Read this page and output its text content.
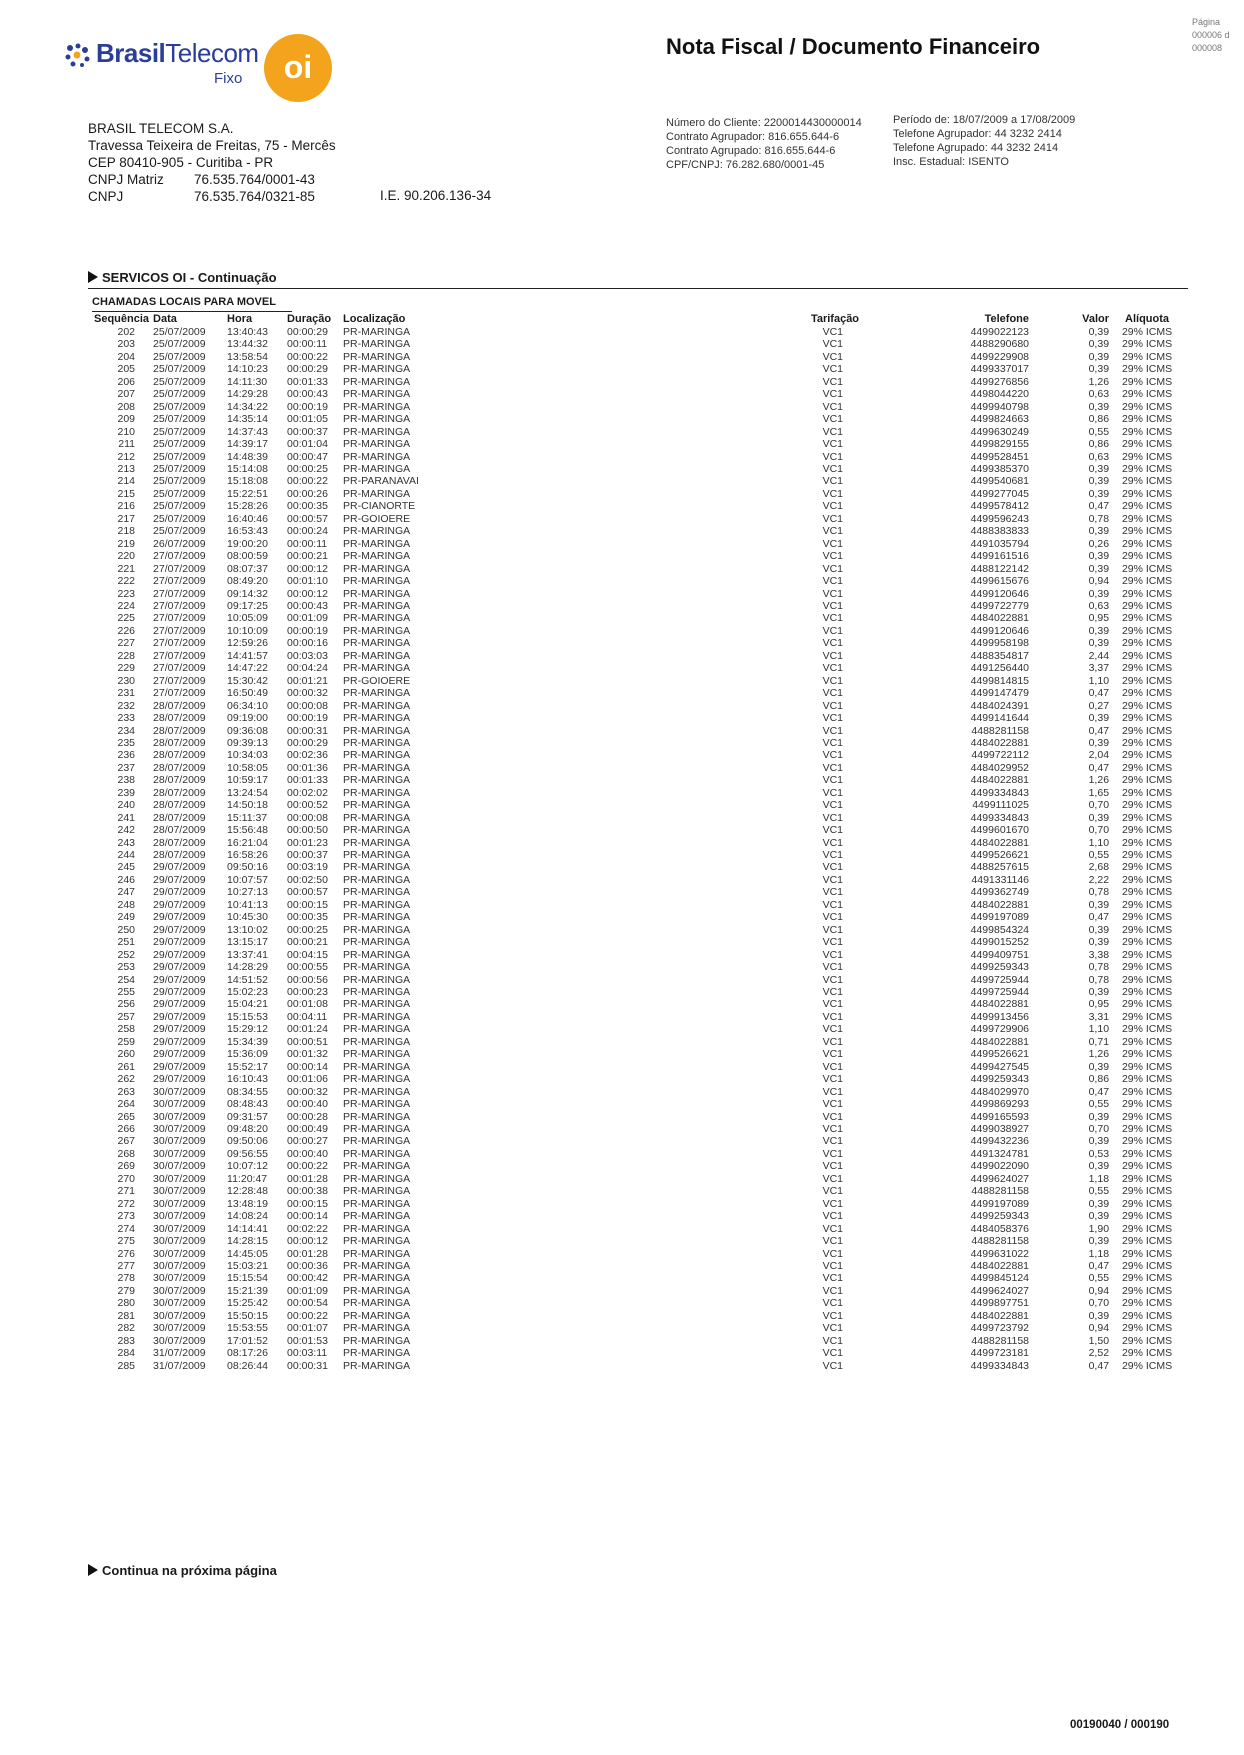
BrasilTelecom
Fixo	oi
Nota Fiscal / Documento Financeiro
Página
000006 d
000008
BRASIL TELECOM S.A.
Travessa Teixeira de Freitas, 75 - Mercês
CEP 80410-905 - Curitiba - PR
CNPJ Matriz 76.535.764/0001-43
CNPJ	76.535.764/0321-85	I.E. 90.206.136-34
Número do Cliente: 2200014430000014
Contrato Agrupador: 816.655.644-6
Contrato Agrupado: 816.655.644-6
CPF/CNPJ: 76.282.680/0001-45
Período de: 18/07/2009 a 17/08/2009
Telefone Agrupador: 44 3232 2414
Telefone Agrupado: 44 3232 2414
Insc. Estadual: ISENTO
SERVICOS OI - Continuação
CHAMADAS LOCAIS PARA MOVEL
Sequência	Data	Hora	Duração	Localização	Tarifação	Telefone	Valor	Alíquota
202	25/07/2009	13:40:43	00:00:29	PR-MARINGA	VC1	4499022123	0,39	29% ICMS
203	25/07/2009	13:44:32	00:00:11	PR-MARINGA	VC1	4488290680	0,39	29% ICMS
204	25/07/2009	13:58:54	00:00:22	PR-MARINGA	VC1	4499229908	0,39	29% ICMS
205	25/07/2009	14:10:23	00:00:29	PR-MARINGA	VC1	4499337017	0,39	29% ICMS
206	25/07/2009	14:11:30	00:01:33	PR-MARINGA	VC1	4499276856	1,26	29% ICMS
207	25/07/2009	14:29:28	00:00:43	PR-MARINGA	VC1	4498044220	0,63	29% ICMS
208	25/07/2009	14:34:22	00:00:19	PR-MARINGA	VC1	4499940798	0,39	29% ICMS
209	25/07/2009	14:35:14	00:01:05	PR-MARINGA	VC1	4499824663	0,86	29% ICMS
210	25/07/2009	14:37:43	00:00:37	PR-MARINGA	VC1	4499630249	0,55	29% ICMS
211	25/07/2009	14:39:17	00:01:04	PR-MARINGA	VC1	4499829155	0,86	29% ICMS
212	25/07/2009	14:48:39	00:00:47	PR-MARINGA	VC1	4499528451	0,63	29% ICMS
213	25/07/2009	15:14:08	00:00:25	PR-MARINGA	VC1	4499385370	0,39	29% ICMS
214	25/07/2009	15:18:08	00:00:22	PR-PARANAVAI	VC1	4499540681	0,39	29% ICMS
215	25/07/2009	15:22:51	00:00:26	PR-MARINGA	VC1	4499277045	0,39	29% ICMS
216	25/07/2009	15:28:26	00:00:35	PR-CIANORTE	VC1	4499578412	0,47	29% ICMS
217	25/07/2009	16:40:46	00:00:57	PR-GOIOERE	VC1	4499596243	0,78	29% ICMS
218	25/07/2009	16:53:43	00:00:24	PR-MARINGA	VC1	4488383833	0,39	29% ICMS
219	26/07/2009	19:00:20	00:00:11	PR-MARINGA	VC1	4491035794	0,26	29% ICMS
220	27/07/2009	08:00:59	00:00:21	PR-MARINGA	VC1	4499161516	0,39	29% ICMS
221	27/07/2009	08:07:37	00:00:12	PR-MARINGA	VC1	4488122142	0,39	29% ICMS
222	27/07/2009	08:49:20	00:01:10	PR-MARINGA	VC1	4499615676	0,94	29% ICMS
223	27/07/2009	09:14:32	00:00:12	PR-MARINGA	VC1	4499120646	0,39	29% ICMS
224	27/07/2009	09:17:25	00:00:43	PR-MARINGA	VC1	4499722779	0,63	29% ICMS
225	27/07/2009	10:05:09	00:01:09	PR-MARINGA	VC1	4484022881	0,95	29% ICMS
226	27/07/2009	10:10:09	00:00:19	PR-MARINGA	VC1	4499120646	0,39	29% ICMS
227	27/07/2009	12:59:26	00:00:16	PR-MARINGA	VC1	4499958198	0,39	29% ICMS
228	27/07/2009	14:41:57	00:03:03	PR-MARINGA	VC1	4488354817	2,44	29% ICMS
229	27/07/2009	14:47:22	00:04:24	PR-MARINGA	VC1	4491256440	3,37	29% ICMS
230	27/07/2009	15:30:42	00:01:21	PR-GOIOERE	VC1	4499814815	1,10	29% ICMS
231	27/07/2009	16:50:49	00:00:32	PR-MARINGA	VC1	4499147479	0,47	29% ICMS
232	28/07/2009	06:34:10	00:00:08	PR-MARINGA	VC1	4484024391	0,27	29% ICMS
233	28/07/2009	09:19:00	00:00:19	PR-MARINGA	VC1	4499141644	0,39	29% ICMS
234	28/07/2009	09:36:08	00:00:31	PR-MARINGA	VC1	4488281158	0,47	29% ICMS
235	28/07/2009	09:39:13	00:00:29	PR-MARINGA	VC1	4484022881	0,39	29% ICMS
236	28/07/2009	10:34:03	00:02:36	PR-MARINGA	VC1	4499722112	2,04	29% ICMS
237	28/07/2009	10:58:05	00:01:36	PR-MARINGA	VC1	4484029952	0,47	29% ICMS
238	28/07/2009	10:59:17	00:01:33	PR-MARINGA	VC1	4484022881	1,26	29% ICMS
239	28/07/2009	13:24:54	00:02:02	PR-MARINGA	VC1	4499334843	1,65	29% ICMS
240	28/07/2009	14:50:18	00:00:52	PR-MARINGA	VC1	4499111025	0,70	29% ICMS
241	28/07/2009	15:11:37	00:00:08	PR-MARINGA	VC1	4499334843	0,39	29% ICMS
242	28/07/2009	15:56:48	00:00:50	PR-MARINGA	VC1	4499601670	0,70	29% ICMS
243	28/07/2009	16:21:04	00:01:23	PR-MARINGA	VC1	4484022881	1,10	29% ICMS
244	28/07/2009	16:58:26	00:00:37	PR-MARINGA	VC1	4499526621	0,55	29% ICMS
245	29/07/2009	09:50:16	00:03:19	PR-MARINGA	VC1	4488257615	2,68	29% ICMS
246	29/07/2009	10:07:57	00:02:50	PR-MARINGA	VC1	4491331146	2,22	29% ICMS
247	29/07/2009	10:27:13	00:00:57	PR-MARINGA	VC1	4499362749	0,78	29% ICMS
248	29/07/2009	10:41:13	00:00:15	PR-MARINGA	VC1	4484022881	0,39	29% ICMS
249	29/07/2009	10:45:30	00:00:35	PR-MARINGA	VC1	4499197089	0,47	29% ICMS
250	29/07/2009	13:10:02	00:00:25	PR-MARINGA	VC1	4499854324	0,39	29% ICMS
251	29/07/2009	13:15:17	00:00:21	PR-MARINGA	VC1	4499015252	0,39	29% ICMS
252	29/07/2009	13:37:41	00:04:15	PR-MARINGA	VC1	4499409751	3,38	29% ICMS
253	29/07/2009	14:28:29	00:00:55	PR-MARINGA	VC1	4499259343	0,78	29% ICMS
254	29/07/2009	14:51:52	00:00:56	PR-MARINGA	VC1	4499725944	0,78	29% ICMS
255	29/07/2009	15:02:23	00:00:23	PR-MARINGA	VC1	4499725944	0,39	29% ICMS
256	29/07/2009	15:04:21	00:01:08	PR-MARINGA	VC1	4484022881	0,95	29% ICMS
257	29/07/2009	15:15:53	00:04:11	PR-MARINGA	VC1	4499913456	3,31	29% ICMS
258	29/07/2009	15:29:12	00:01:24	PR-MARINGA	VC1	4499729906	1,10	29% ICMS
259	29/07/2009	15:34:39	00:00:51	PR-MARINGA	VC1	4484022881	0,71	29% ICMS
260	29/07/2009	15:36:09	00:01:32	PR-MARINGA	VC1	4499526621	1,26	29% ICMS
261	29/07/2009	15:52:17	00:00:14	PR-MARINGA	VC1	4499427545	0,39	29% ICMS
262	29/07/2009	16:10:43	00:01:06	PR-MARINGA	VC1	4499259343	0,86	29% ICMS
263	30/07/2009	08:34:55	00:00:32	PR-MARINGA	VC1	4484029970	0,47	29% ICMS
264	30/07/2009	08:48:43	00:00:40	PR-MARINGA	VC1	4499869293	0,55	29% ICMS
265	30/07/2009	09:31:57	00:00:28	PR-MARINGA	VC1	4499165593	0,39	29% ICMS
266	30/07/2009	09:48:20	00:00:49	PR-MARINGA	VC1	4499038927	0,70	29% ICMS
267	30/07/2009	09:50:06	00:00:27	PR-MARINGA	VC1	4499432236	0,39	29% ICMS
268	30/07/2009	09:56:55	00:00:40	PR-MARINGA	VC1	4491324781	0,53	29% ICMS
269	30/07/2009	10:07:12	00:00:22	PR-MARINGA	VC1	4499022090	0,39	29% ICMS
270	30/07/2009	11:20:47	00:01:28	PR-MARINGA	VC1	4499624027	1,18	29% ICMS
271	30/07/2009	12:28:48	00:00:38	PR-MARINGA	VC1	4488281158	0,55	29% ICMS
272	30/07/2009	13:48:19	00:00:15	PR-MARINGA	VC1	4499197089	0,39	29% ICMS
273	30/07/2009	14:08:24	00:00:14	PR-MARINGA	VC1	4499259343	0,39	29% ICMS
274	30/07/2009	14:14:41	00:02:22	PR-MARINGA	VC1	4484058376	1,90	29% ICMS
275	30/07/2009	14:28:15	00:00:12	PR-MARINGA	VC1	4488281158	0,39	29% ICMS
276	30/07/2009	14:45:05	00:01:28	PR-MARINGA	VC1	4499631022	1,18	29% ICMS
277	30/07/2009	15:03:21	00:00:36	PR-MARINGA	VC1	4484022881	0,47	29% ICMS
278	30/07/2009	15:15:54	00:00:42	PR-MARINGA	VC1	4499845124	0,55	29% ICMS
279	30/07/2009	15:21:39	00:01:09	PR-MARINGA	VC1	4499624027	0,94	29% ICMS
280	30/07/2009	15:25:42	00:00:54	PR-MARINGA	VC1	4499897751	0,70	29% ICMS
281	30/07/2009	15:50:15	00:00:22	PR-MARINGA	VC1	4484022881	0,39	29% ICMS
282	30/07/2009	15:53:55	00:01:07	PR-MARINGA	VC1	4499723792	0,94	29% ICMS
283	30/07/2009	17:01:52	00:01:53	PR-MARINGA	VC1	4488281158	1,50	29% ICMS
284	31/07/2009	08:17:26	00:03:11	PR-MARINGA	VC1	4499723181	2,52	29% ICMS
285	31/07/2009	08:26:44	00:00:31	PR-MARINGA	VC1	4499334843	0,47	29% ICMS
Continua na próxima página
00190040 / 000190
